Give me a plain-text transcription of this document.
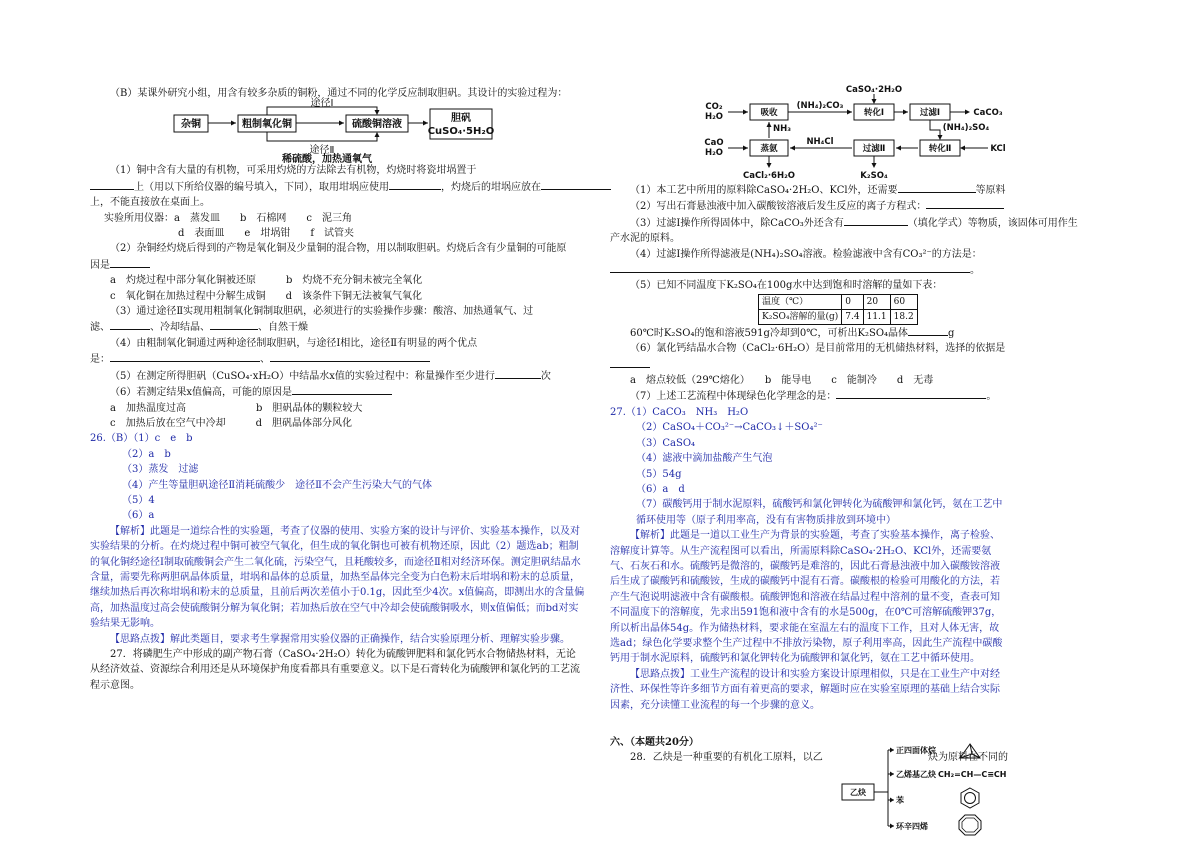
（B）某课外研究小组，用含有较多杂质的铜粉，通过不同的化学反应制取胆矾。其设计的实验过程为：
杂铜	粗制氧化铜	硫酸铜溶液
胆矾
CuSO₄·5H₂O
途径Ⅰ
途径Ⅱ
稀硫酸，加热通氧气
（1）铜中含有大量的有机物，可采用灼烧的方法除去有机物，灼烧时将瓷坩埚置于
上（用以下所给仪器的编号填入，下同），取用坩埚应使用	，灼烧后的坩埚应放在
上，不能直接放在桌面上。
实验所用仪器：a　蒸发皿　　b　石棉网　　c　泥三角
d　表面皿　　e　坩埚钳　　f　试管夹
（2）杂铜经灼烧后得到的产物是氧化铜及少量铜的混合物，用以制取胆矾。灼烧后含有少量铜的可能原
因是
a　灼烧过程中部分氧化铜被还原　　　b　灼烧不充分铜未被完全氧化
c　氧化铜在加热过程中分解生成铜　　d　该条件下铜无法被氧气氧化
（3）通过途径Ⅱ实现用粗制氧化铜制取胆矾，必须进行的实验操作步骤：酸溶、加热通氧气、过
滤、	、冷却结晶、	、自然干燥
（4）由粗制氧化铜通过两种途径制取胆矾，与途径Ⅰ相比，途径Ⅱ有明显的两个优点
是：	、
（5）在测定所得胆矾（CuSO₄·xH₂O）中结晶水x值的实验过程中：称量操作至少进行	次
（6）若测定结果x值偏高，可能的原因是
a　加热温度过高　　　　　　　b　胆矾晶体的颗粒较大
c　加热后放在空气中冷却　　　d　胆矾晶体部分风化
26.（B）（1）c　e　b
（2）a　b
（3）蒸发　过滤
（4）产生等量胆矾途径Ⅱ消耗硫酸少　途径Ⅱ不会产生污染大气的气体
（5）4
（6）a
【解析】此题是一道综合性的实验题，考查了仪器的使用、实验方案的设计与评价、实验基本操作，以及对实验结果的分析。在灼烧过程中铜可被空气氧化，但生成的氧化铜也可被有机物还原，因此（2）题选ab；粗制的氧化铜经途径Ⅰ制取硫酸铜会产生二氧化硫，污染空气，且耗酸较多，而途径Ⅱ相对经济环保。测定胆矾结晶水含量，需要先称两胆矾晶体质量，坩埚和晶体的总质量，加热至晶体完全变为白色粉末后坩埚和粉末的总质量，继续加热后再次称坩埚和粉末的总质量，且前后两次差值小于0.1g，因此至少4次。x值偏高，即测出水的含量偏高，加热温度过高会使硫酸铜分解为氧化铜；若加热后放在空气中冷却会使硫酸铜吸水，则x值偏低；而bd对实验结果无影响。
【思路点拨】解此类题目，要求考生掌握常用实验仪器的正确操作，结合实验原理分析、理解实验步骤。
27．将磷肥生产中形成的副产物石膏（CaSO₄·2H₂O）转化为硫酸钾肥料和氯化钙水合物储热材料，无论从经济效益、资源综合利用还是从环境保护角度看都具有重要意义。以下是石膏转化为硫酸钾和氯化钙的工艺流程示意图。
CaSO₄·2H₂O
CO₂
H₂O
CaO
H₂O
吸收
(NH₄)₂CO₃
NH₃
转化Ⅰ	过滤Ⅰ	CaCO₃
(NH₄)₂SO₄
蒸氨
NH₄Cl
过滤Ⅱ	转化Ⅱ	KCl
CaCl₂·6H₂O	K₂SO₄
（1）本工艺中所用的原料除CaSO₄·2H₂O、KCl外，还需要	等原料
（2）写出石膏悬浊液中加入碳酸铵溶液后发生反应的离子方程式：
（3）过滤Ⅰ操作所得固体中，除CaCO₃外还含有	（填化学式）等物质，该固体可用作生
产水泥的原料。
（4）过滤Ⅰ操作所得滤液是(NH₄)₂SO₄溶液。检验滤液中含有CO₃²⁻的方法是：
。
（5）已知不同温度下K₂SO₄在100g水中达到饱和时溶解的量如下表：
温度（℃）	0	20	60
K₂SO₄溶解的量(g)	7.4	11.1	18.2
60℃时K₂SO₄的饱和溶液591g冷却到0℃，可析出K₂SO₄晶体	g
（6）氯化钙结晶水合物（CaCl₂·6H₂O）是目前常用的无机储热材料，选择的依据是
a　熔点较低（29℃熔化）　　b　能导电　　c　能制冷　　d　无毒
（7）上述工艺流程中体现绿色化学理念的是：	。
27.（1）CaCO₃　NH₃　H₂O
（2）CaSO₄＋CO₃²⁻→CaCO₃↓＋SO₄²⁻
（3）CaSO₄
（4）滤液中滴加盐酸产生气泡
（5）54g
（6）a　d
（7）碳酸钙用于制水泥原料，硫酸钙和氯化钾转化为硫酸钾和氯化钙，氨在工艺中循环使用等（原子利用率高，没有有害物质排放到环境中）
【解析】此题是一道以工业生产为背景的实验题，考查了实验基本操作，离子检验、溶解度计算等。从生产流程图可以看出，所需原料除CaSO₄·2H₂O、KCl外，还需要氨气、石灰石和水。硫酸钙是微溶的，碳酸钙是难溶的，因此石膏悬浊液中加入碳酸铵溶液后生成了碳酸钙和硫酸铵，生成的碳酸钙中混有石膏。碳酸根的检验可用酸化的方法，若产生气泡说明滤液中含有碳酸根。硫酸钾饱和溶液在结晶过程中溶剂的量不变，查表可知不同温度下的溶解度，先求出591饱和液中含有的水是500g，在0℃可溶解硫酸钾37g，所以析出晶体54g。作为储热材料，要求能在室温左右的温度下工作，且对人体无害，故选ad；绿色化学要求整个生产过程中不排放污染物，原子利用率高，因此生产流程中碳酸钙用于制水泥原料，硫酸钙和氯化钾转化为硫酸钾和氯化钙，氨在工艺中循环使用。
【思路点拨】工业生产流程的设计和实验方案设计原理相似，只是在工业生产中对经济性、环保性等许多细节方面有着更高的要求，解题时应在实验室原理的基础上结合实际因素，充分读懂工业流程的每一个步骤的意义。
六、（本题共20分）
28．乙炔是一种重要的有机化工原料，以乙	炔为原料在不同的
乙炔
正四面体烷
乙烯基乙炔 CH₂=CH—C≡CH
苯
环辛四烯
